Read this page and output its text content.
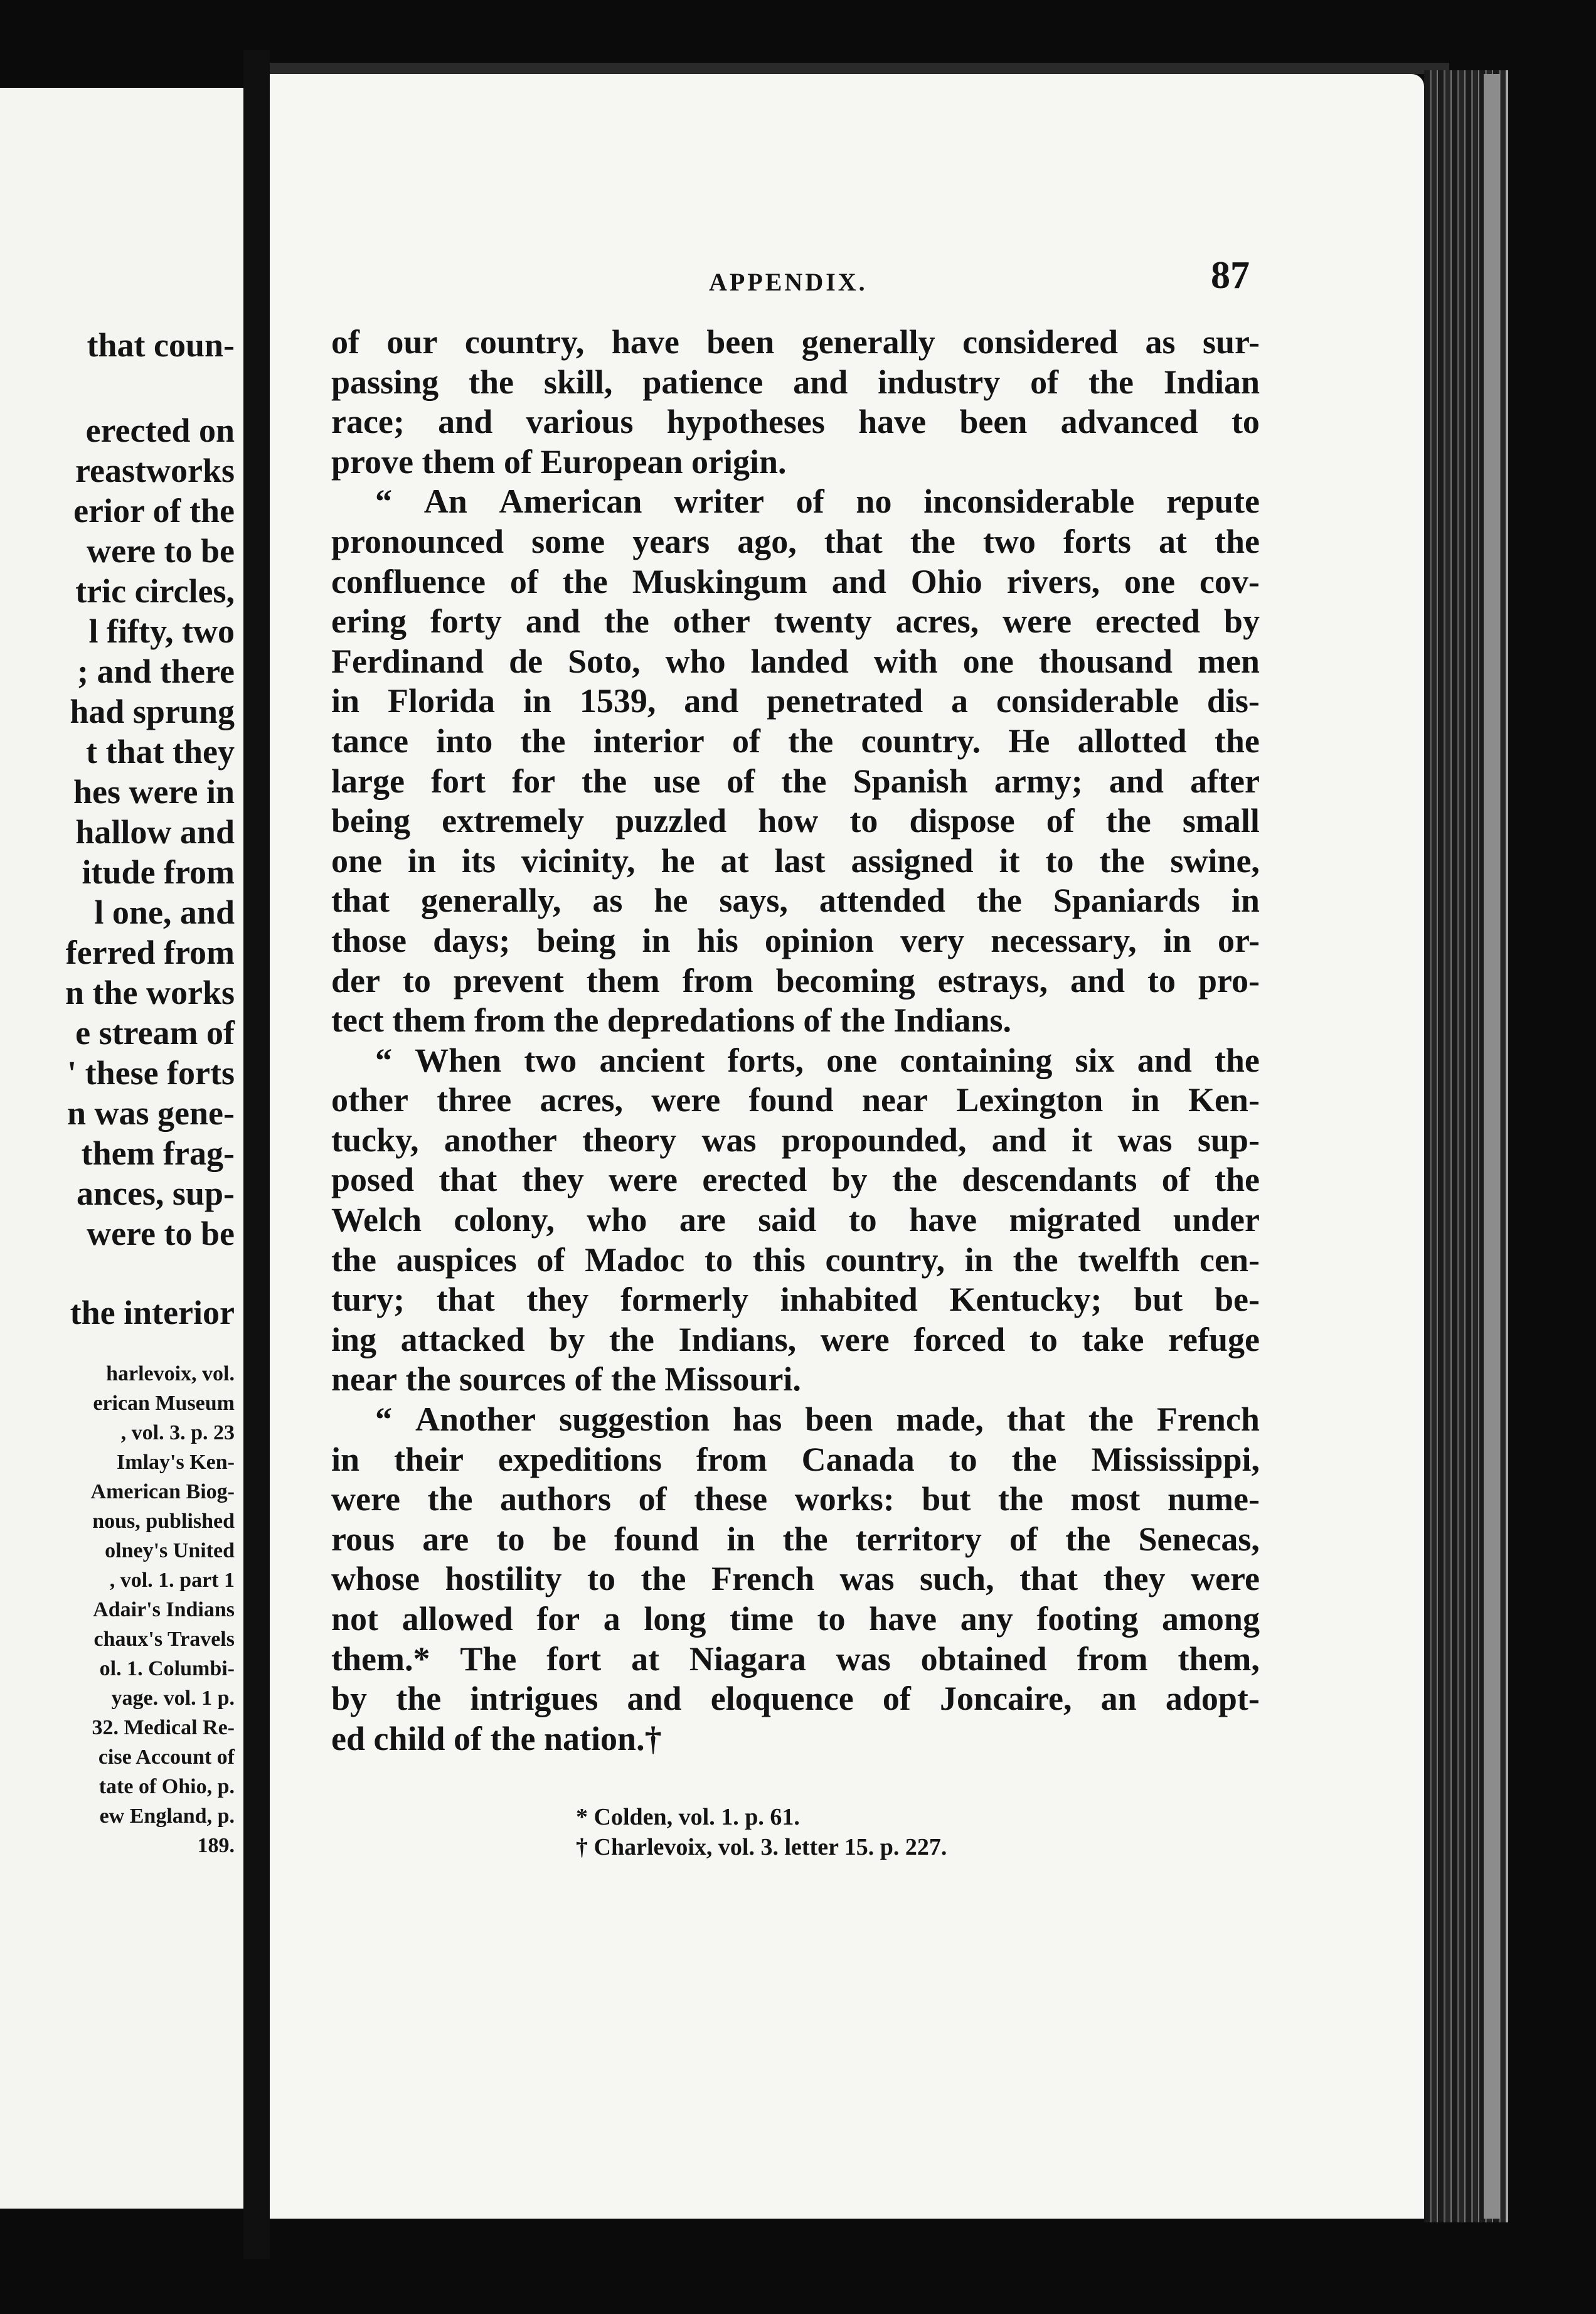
that coun-
erected on
reastworks
erior of the
were to be
tric circles,
l fifty, two
; and there
had sprung
t that they
hes were in
hallow and
itude from
l one, and
ferred from
n the works
e stream of
' these forts
n was gene-
them frag-
ances, sup-
were to be
the interior
harlevoix, vol.
erican Museum
, vol. 3. p. 23
Imlay's Ken-
American Biog-
nous, published
olney's United
, vol. 1. part 1
Adair's Indians
chaux's Travels
ol. 1. Columbi-
yage. vol. 1 p.
32. Medical Re-
cise Account of
tate of Ohio, p.
ew England, p.
189.
APPENDIX.	87
of our country, have been generally considered as sur-
passing the skill, patience and industry of the Indian
race; and various hypotheses have been advanced to
prove them of European origin.
“ An American writer of no inconsiderable repute
pronounced some years ago, that the two forts at the
confluence of the Muskingum and Ohio rivers, one cov-
ering forty and the other twenty acres, were erected by
Ferdinand de Soto, who landed with one thousand men
in Florida in 1539, and penetrated a considerable dis-
tance into the interior of the country. He allotted the
large fort for the use of the Spanish army; and after
being extremely puzzled how to dispose of the small
one in its vicinity, he at last assigned it to the swine,
that generally, as he says, attended the Spaniards in
those days; being in his opinion very necessary, in or-
der to prevent them from becoming estrays, and to pro-
tect them from the depredations of the Indians.
“ When two ancient forts, one containing six and the
other three acres, were found near Lexington in Ken-
tucky, another theory was propounded, and it was sup-
posed that they were erected by the descendants of the
Welch colony, who are said to have migrated under
the auspices of Madoc to this country, in the twelfth cen-
tury; that they formerly inhabited Kentucky; but be-
ing attacked by the Indians, were forced to take refuge
near the sources of the Missouri.
“ Another suggestion has been made, that the French
in their expeditions from Canada to the Mississippi,
were the authors of these works: but the most nume-
rous are to be found in the territory of the Senecas,
whose hostility to the French was such, that they were
not allowed for a long time to have any footing among
them.* The fort at Niagara was obtained from them,
by the intrigues and eloquence of Joncaire, an adopt-
ed child of the nation.†
* Colden, vol. 1. p. 61.
† Charlevoix, vol. 3. letter 15. p. 227.
